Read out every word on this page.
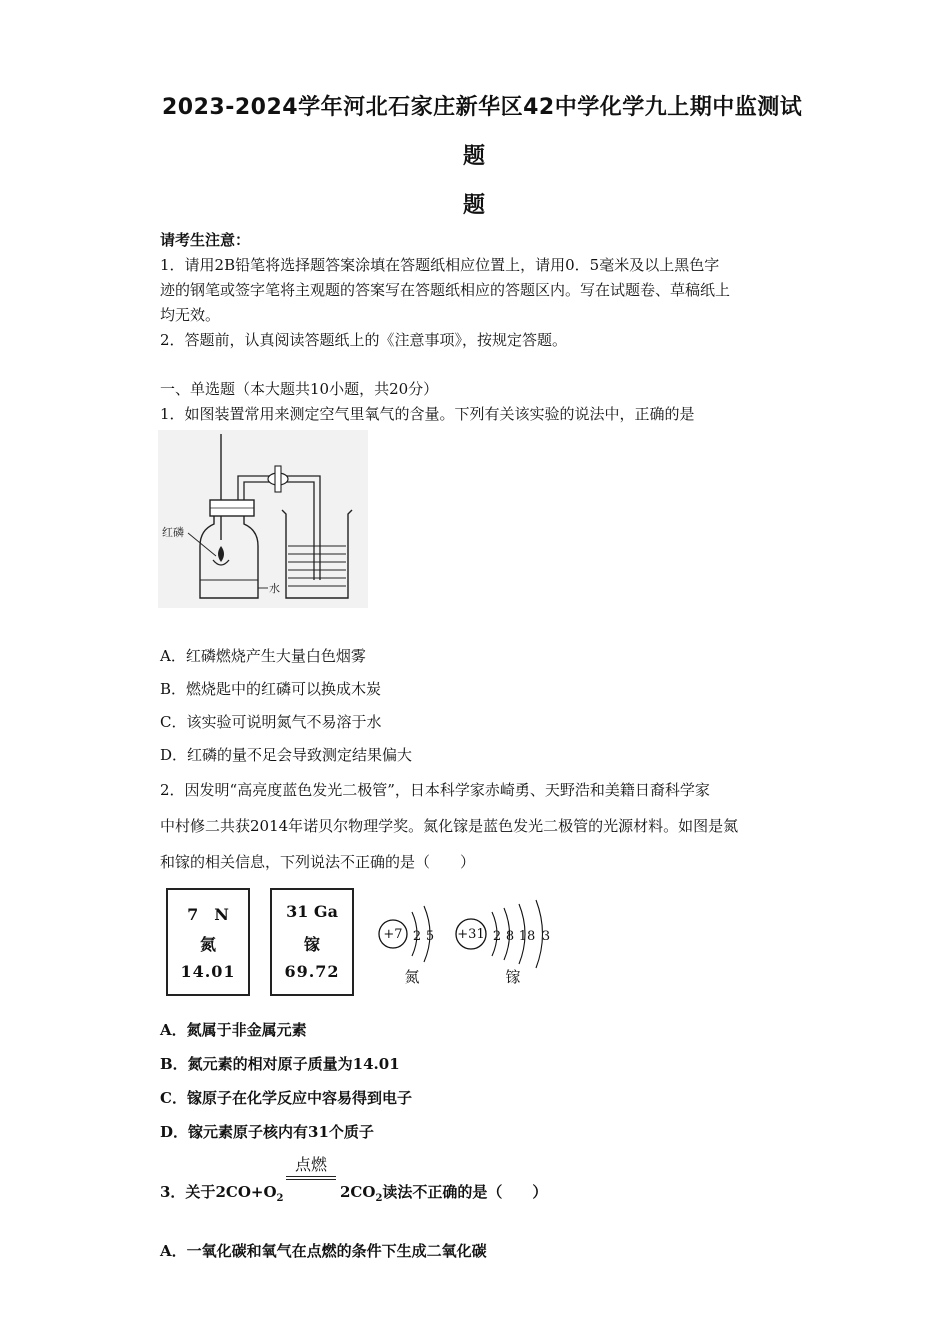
2023-2024学年河北石家庄新华区42中学化学九上期中监测试
题
题
请考生注意：
1．请用2B铅笔将选择题答案涂填在答题纸相应位置上，请用0．5毫米及以上黑色字
迹的钢笔或签字笔将主观题的答案写在答题纸相应的答题区内。写在试题卷、草稿纸上
均无效。
2．答题前，认真阅读答题纸上的《注意事项》，按规定答题。
一、单选题（本大题共10小题，共20分）
1．如图装置常用来测定空气里氧气的含量。下列有关该实验的说法中，正确的是
红磷
水
A．红磷燃烧产生大量白色烟雾
B．燃烧匙中的红磷可以换成木炭
C．该实验可说明氮气不易溶于水
D．红磷的量不足会导致测定结果偏大
2．因发明“高亮度蓝色发光二极管”，日本科学家赤崎勇、天野浩和美籍日裔科学家
中村修二共获2014年诺贝尔物理学奖。氮化镓是蓝色发光二极管的光源材料。如图是氮
和镓的相关信息，下列说法不正确的是（　　）
7　N
氮
14.01
31 Ga
镓
69.72
+7 2 5
氮
+31 2 8 18 3
镓
A．氮属于非金属元素
B．氮元素的相对原子质量为14.01
C．镓原子在化学反应中容易得到电子
D．镓元素原子核内有31个质子
3．关于$2CO+O_2$
点燃
$2CO_2$读法不正确的是（　　）
A．一氧化碳和氧气在点燃的条件下生成二氧化碳
